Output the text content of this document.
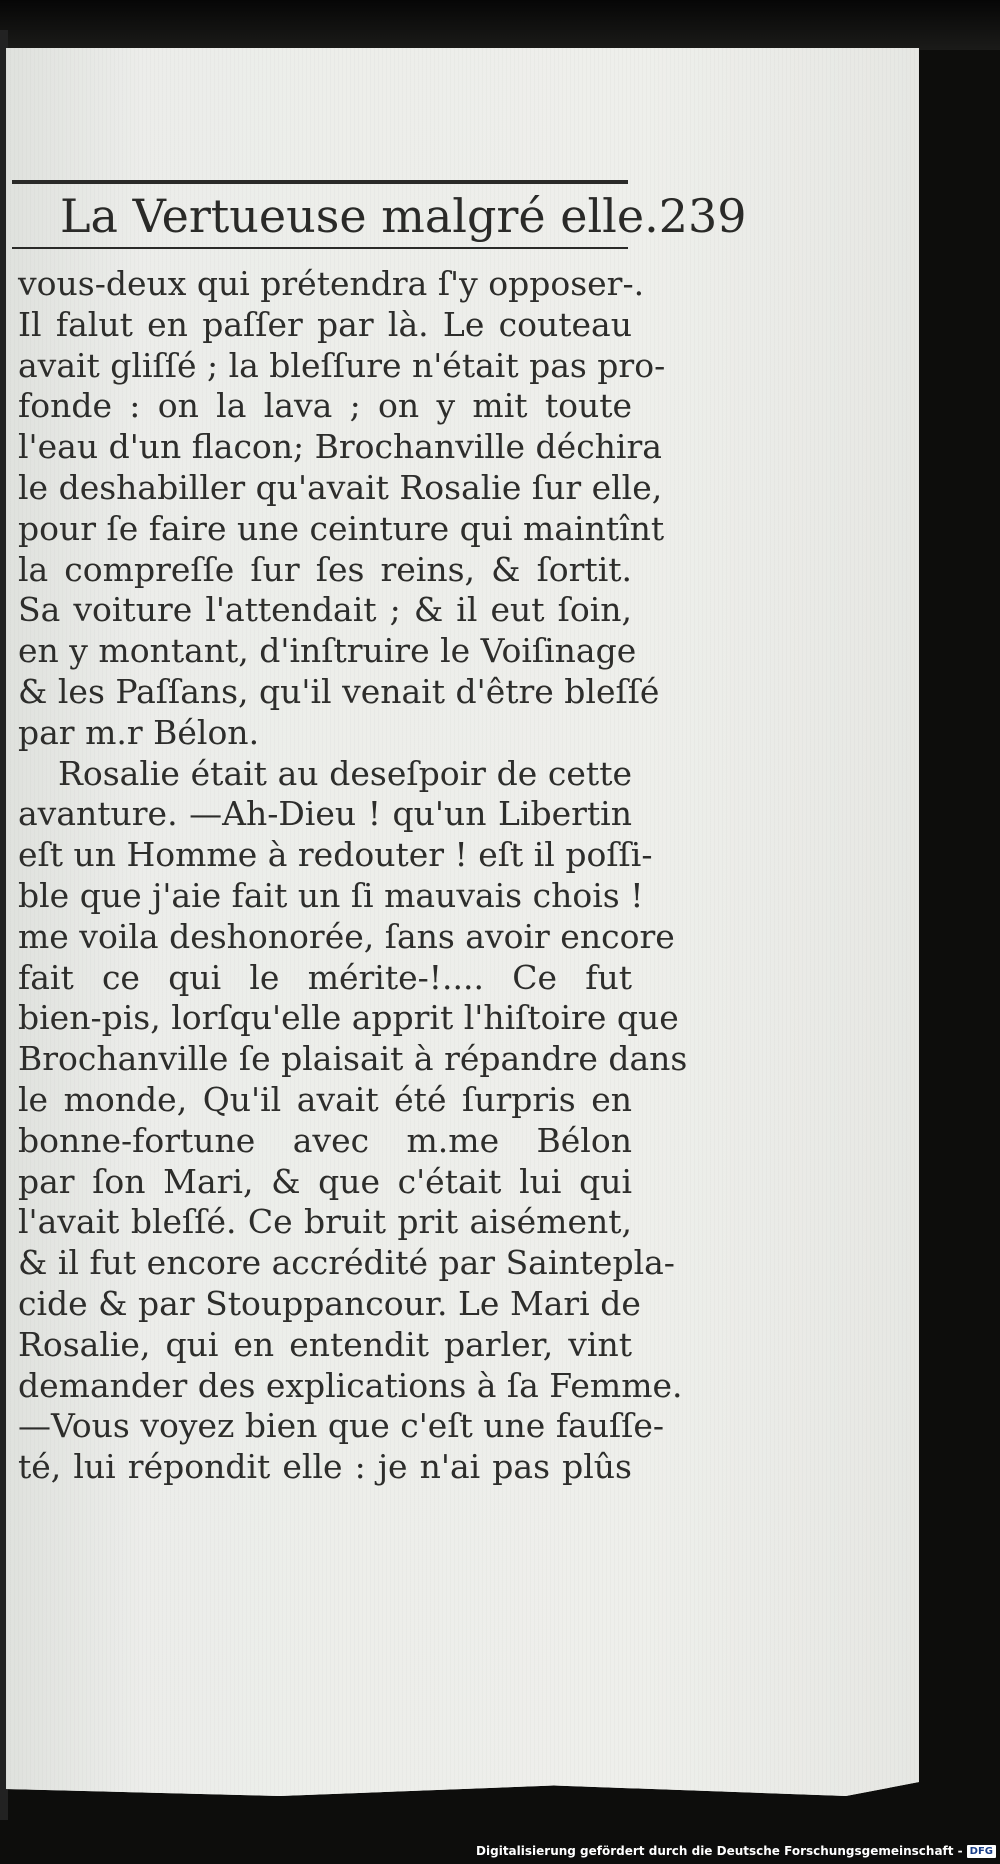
La Vertueuse malgré elle. 239
vous-deux qui prétendra ſ'y opposer-.
Il falut en paſſer par là. Le couteau
avait gliſſé ; la bleſſure n'était pas pro-
fonde : on la lava ; on y mit toute
l'eau d'un flacon; Brochanville déchira
le deshabiller qu'avait Rosalie ſur elle,
pour ſe faire une ceinture qui maintînt
la compreſſe ſur ſes reins, & ſortit.
Sa voiture l'attendait ; & il eut ſoin,
en y montant, d'inſtruire le Voiſinage
& les Paſſans, qu'il venait d'être bleſſé
par m.r Bélon.
Rosalie était au deseſpoir de cette
avanture. —Ah-Dieu ! qu'un Libertin
eſt un Homme à redouter ! eſt il poſſi-
ble que j'aie fait un ſi mauvais chois !
me voila deshonorée, ſans avoir encore
fait ce qui le mérite-!.... Ce fut
bien-pis, lorſqu'elle apprit l'hiſtoire que
Brochanville ſe plaisait à répandre dans
le monde, Qu'il avait été ſurpris en
bonne-fortune avec m.me Bélon
par ſon Mari, & que c'était lui qui
l'avait bleſſé. Ce bruit prit aisément,
& il fut encore accrédité par Saintepla-
cide & par Stouppancour. Le Mari de
Rosalie, qui en entendit parler, vint
demander des explications à ſa Femme.
—Vous voyez bien que c'eſt une fauſſe-
té, lui répondit elle : je n'ai pas plûs
Digitalisierung gefördert durch die Deutsche Forschungsgemeinschaft - DFG
